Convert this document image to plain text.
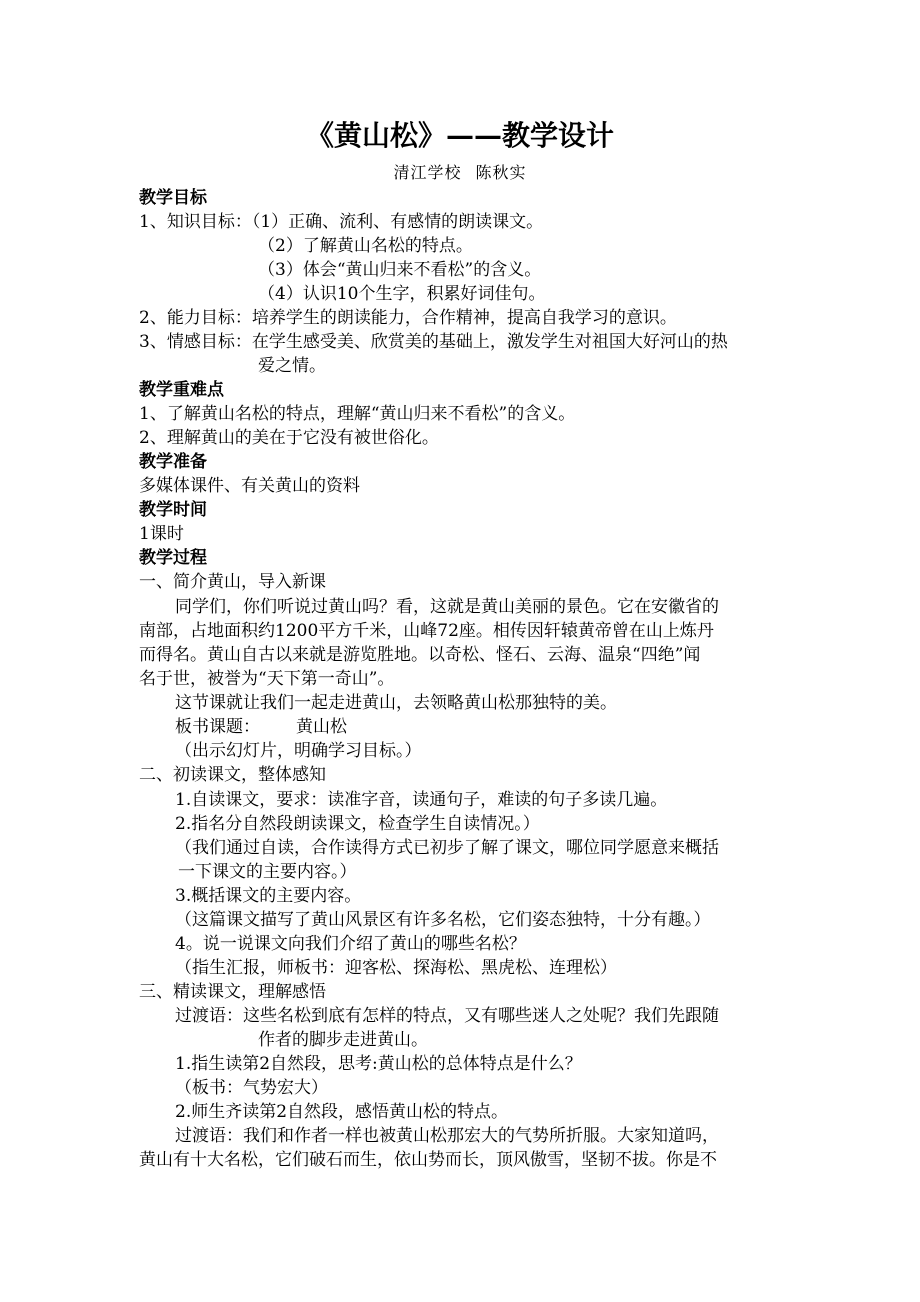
《黄山松》——教学设计
清江学校 陈秋实
教学目标
1、知识目标：（1）正确、流利、有感情的朗读课文。
（2）了解黄山名松的特点。
（3）体会“黄山归来不看松”的含义。
（4）认识10个生字，积累好词佳句。
2、能力目标：培养学生的朗读能力，合作精神，提高自我学习的意识。
3、情感目标：在学生感受美、欣赏美的基础上，激发学生对祖国大好河山的热
爱之情。
教学重难点
1、了解黄山名松的特点，理解“黄山归来不看松”的含义。
2、理解黄山的美在于它没有被世俗化。
教学准备
多媒体课件、有关黄山的资料
教学时间
1课时
教学过程
一、简介黄山，导入新课
同学们，你们听说过黄山吗？看，这就是黄山美丽的景色。它在安徽省的
南部，占地面积约1200平方千米，山峰72座。相传因轩辕黄帝曾在山上炼丹
而得名。黄山自古以来就是游览胜地。以奇松、怪石、云海、温泉“四绝”闻
名于世，被誉为“天下第一奇山”。
这节课就让我们一起走进黄山，去领略黄山松那独特的美。
板书课题： 黄山松
（出示幻灯片，明确学习目标。）
二、初读课文，整体感知
1.自读课文，要求：读准字音，读通句子，难读的句子多读几遍。
2.指名分自然段朗读课文，检查学生自读情况。）
（我们通过自读，合作读得方式已初步了解了课文，哪位同学愿意来概括
一下课文的主要内容。）
3.概括课文的主要内容。
（这篇课文描写了黄山风景区有许多名松，它们姿态独特，十分有趣。）
4。说一说课文向我们介绍了黄山的哪些名松？
（指生汇报，师板书：迎客松、探海松、黑虎松、连理松）
三、精读课文，理解感悟
过渡语：这些名松到底有怎样的特点，又有哪些迷人之处呢？我们先跟随
作者的脚步走进黄山。
1.指生读第2自然段，思考:黄山松的总体特点是什么？
（板书：气势宏大）
2.师生齐读第2自然段，感悟黄山松的特点。
过渡语：我们和作者一样也被黄山松那宏大的气势所折服。大家知道吗，
黄山有十大名松，它们破石而生，依山势而长，顶风傲雪，坚韧不拔。你是不
